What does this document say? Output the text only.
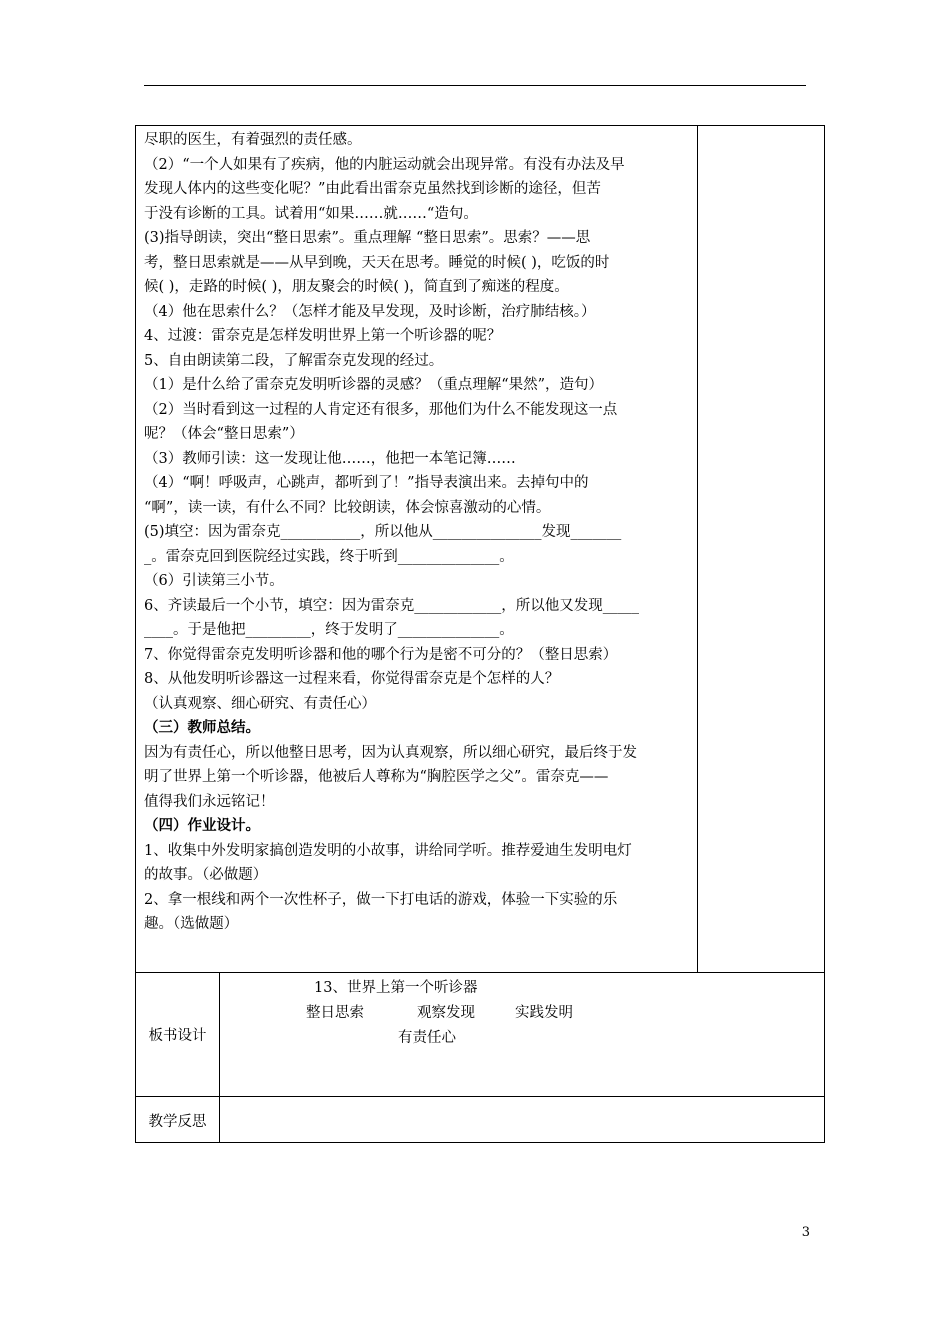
尽职的医生，有着强烈的责任感。
（2）“一个人如果有了疾病，他的内脏运动就会出现异常。有没有办法及早
发现人体内的这些变化呢？”由此看出雷奈克虽然找到诊断的途径，但苦
于没有诊断的工具。试着用“如果……就……“造句。
(3)指导朗读，突出“整日思索”。重点理解 “整日思索”。思索？——思
考，整日思索就是——从早到晚，天天在思考。睡觉的时候( )，吃饭的时
候( )，走路的时候( )，朋友聚会的时候( )，简直到了痴迷的程度。
（4）他在思索什么？（怎样才能及早发现，及时诊断，治疗肺结核。）
4、过渡：雷奈克是怎样发明世界上第一个听诊器的呢？
5、自由朗读第二段，了解雷奈克发现的经过。
（1）是什么给了雷奈克发明听诊器的灵感？（重点理解“果然”，造句）
（2）当时看到这一过程的人肯定还有很多，那他们为什么不能发现这一点
呢？（体会“整日思索”）
（3）教师引读：这一发现让他……，他把一本笔记簿……
（4）“啊！呼吸声，心跳声，都听到了！”指导表演出来。去掉句中的
“啊”，读一读，有什么不同？比较朗读，体会惊喜激动的心情。
(5)填空：因为雷奈克___________，所以他从_______________发现_______
_。雷奈克回到医院经过实践，终于听到______________。
（6）引读第三小节。
6、齐读最后一个小节，填空：因为雷奈克____________，所以他又发现_____
____。于是他把_________，终于发明了______________。
7、你觉得雷奈克发明听诊器和他的哪个行为是密不可分的？（整日思索）
8、从他发明听诊器这一过程来看，你觉得雷奈克是个怎样的人？
（认真观察、细心研究、有责任心）
（三）教师总结。
因为有责任心，所以他整日思考，因为认真观察，所以细心研究，最后终于发
明了世界上第一个听诊器，他被后人尊称为“胸腔医学之父”。雷奈克——
值得我们永远铭记！
（四）作业设计。
1、收集中外发明家搞创造发明的小故事，讲给同学听。推荐爱迪生发明电灯
的故事。（必做题）
2、拿一根线和两个一次性杯子，做一下打电话的游戏，体验一下实验的乐
趣。（选做题）
板书设计
13、世界上第一个听诊器
整日思索	观察发现	实践发明
有责任心
教学反思
3
